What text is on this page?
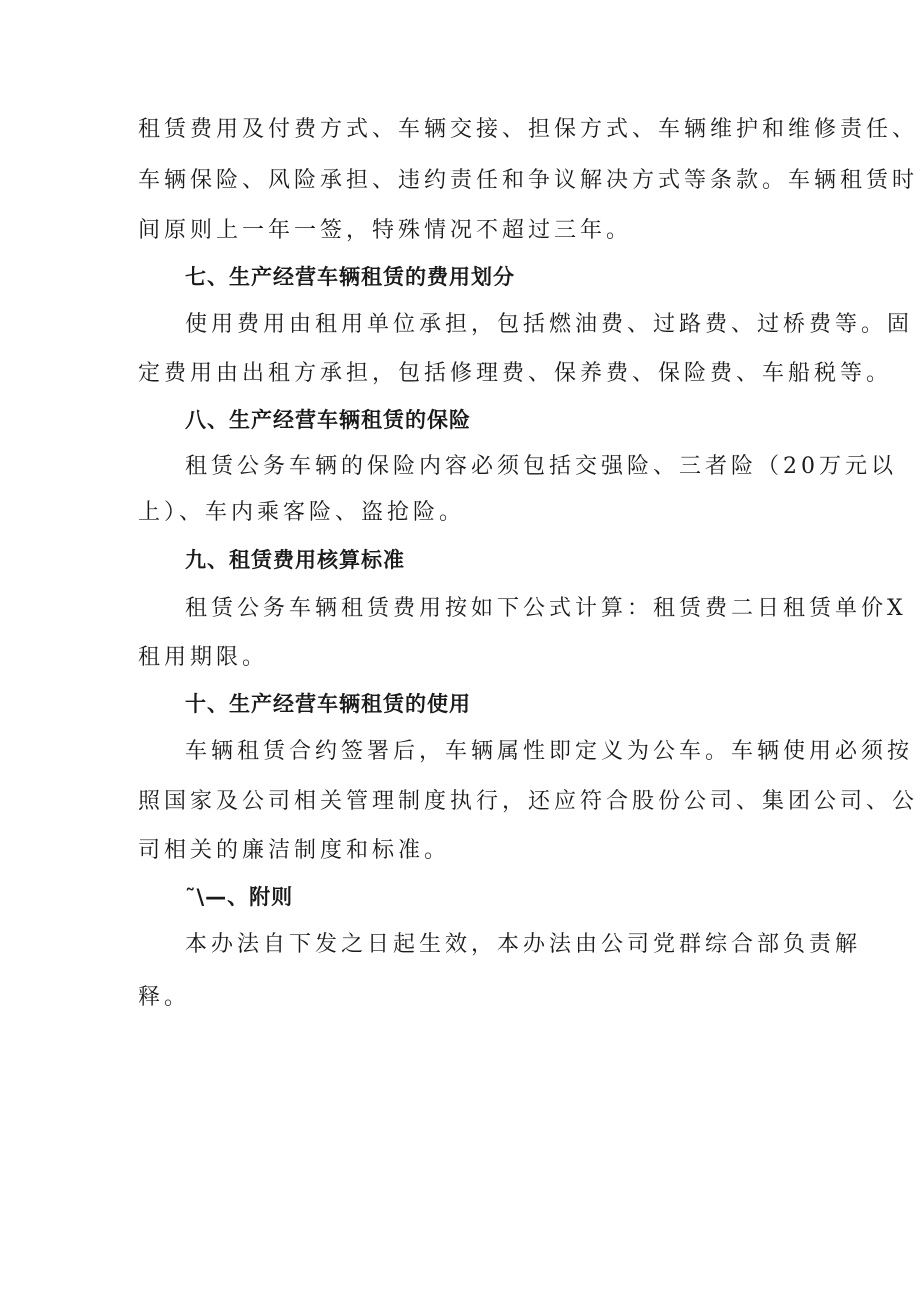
租赁费用及付费方式、车辆交接、担保方式、车辆维护和维修责任、
车辆保险、风险承担、违约责任和争议解决方式等条款。车辆租赁时
间原则上一年一签，特殊情况不超过三年。
七、生产经营车辆租赁的费用划分
使用费用由租用单位承担，包括燃油费、过路费、过桥费等。固
定费用由出租方承担，包括修理费、保养费、保险费、车船税等。
八、生产经营车辆租赁的保险
租赁公务车辆的保险内容必须包括交强险、三者险（20万元以
上）、车内乘客险、盗抢险。
九、租赁费用核算标准
租赁公务车辆租赁费用按如下公式计算：租赁费二日租赁单价X
租用期限。
十、生产经营车辆租赁的使用
车辆租赁合约签署后，车辆属性即定义为公车。车辆使用必须按
照国家及公司相关管理制度执行，还应符合股份公司、集团公司、公
司相关的廉洁制度和标准。
˜\—、附则
本办法自下发之日起生效，本办法由公司党群综合部负责解
释。
